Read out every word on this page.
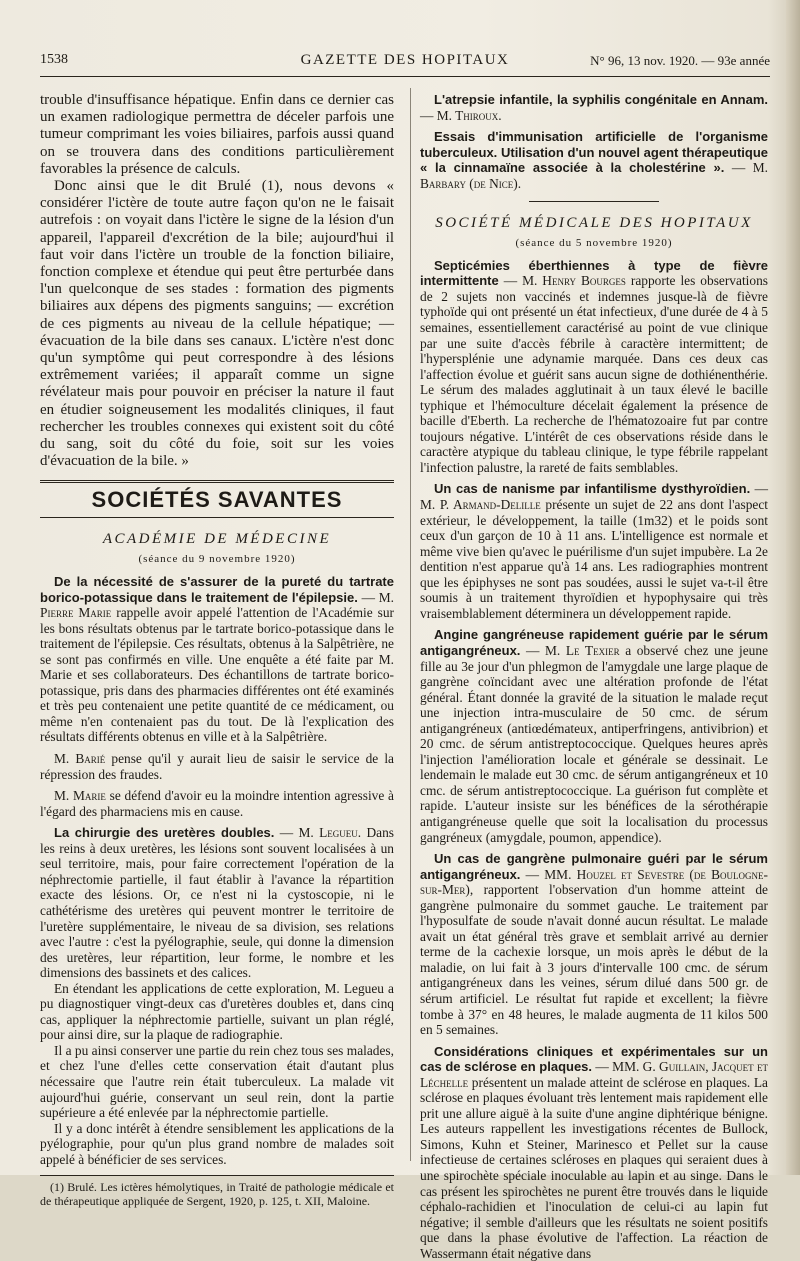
1538	GAZETTE DES HOPITAUX	N° 96, 13 nov. 1920. — 93e année

trouble d'insuffisance hépatique. Enfin dans ce dernier cas un examen radiologique permettra de déceler parfois une tumeur comprimant les voies biliaires, parfois aussi quand on se trouvera dans des conditions particulièrement favorables la présence de calculs.

Donc ainsi que le dit Brulé (1), nous devons « considérer l'ictère de toute autre façon qu'on ne le faisait autrefois : on voyait dans l'ictère le signe de la lésion d'un appareil, l'appareil d'excrétion de la bile; aujourd'hui il faut voir dans l'ictère un trouble de la fonction biliaire, fonction complexe et étendue qui peut être perturbée dans l'un quelconque de ses stades : formation des pigments biliaires aux dépens des pigments sanguins; — excrétion de ces pigments au niveau de la cellule hépatique; — évacuation de la bile dans ses canaux. L'ictère n'est donc qu'un symptôme qui peut correspondre à des lésions extrêmement variées; il apparaît comme un signe révélateur mais pour pouvoir en préciser la nature il faut en étudier soigneusement les modalités cliniques, il faut rechercher les troubles connexes qui existent soit du côté du sang, soit du côté du foie, soit sur les voies d'évacuation de la bile. »

SOCIÉTÉS SAVANTES
ACADÉMIE DE MÉDECINE
(séance du 9 novembre 1920)

De la nécessité de s'assurer de la pureté du tartrate borico-potassique dans le traitement de l'épilepsie. — M. Pierre Marie rappelle avoir appelé l'attention de l'Académie sur les bons résultats obtenus par le tartrate borico-potassique dans le traitement de l'épilepsie. Ces résultats, obtenus à la Salpêtrière, ne se sont pas confirmés en ville. Une enquête a été faite par M. Marie et ses collaborateurs. Des échantillons de tartrate borico-potassique, pris dans des pharmacies différentes ont été examinés et très peu contenaient une petite quantité de ce médicament, ou même n'en contenaient pas du tout. De là l'explication des résultats différents obtenus en ville et à la Salpêtrière.

M. Barié pense qu'il y aurait lieu de saisir le service de la répression des fraudes.

M. Marie se défend d'avoir eu la moindre intention agressive à l'égard des pharmaciens mis en cause.

La chirurgie des uretères doubles. — M. Legueu. Dans les reins à deux uretères, les lésions sont souvent localisées à un seul territoire, mais, pour faire correctement l'opération de la néphrectomie partielle, il faut établir à l'avance la répartition exacte des lésions. Or, ce n'est ni la cystoscopie, ni le cathétérisme des uretères qui peuvent montrer le territoire de l'uretère supplémentaire, le niveau de sa division, ses relations avec l'autre : c'est la pyélographie, seule, qui donne la dimension des uretères, leur répartition, leur forme, le nombre et les dimensions des bassinets et des calices.

En étendant les applications de cette exploration, M. Legueu a pu diagnostiquer vingt-deux cas d'uretères doubles et, dans cinq cas, appliquer la néphrectomie partielle, suivant un plan réglé, pour ainsi dire, sur la plaque de radiographie.

Il a pu ainsi conserver une partie du rein chez tous ses malades, et chez l'une d'elles cette conservation était d'autant plus nécessaire que l'autre rein était tuberculeux. La malade vit aujourd'hui guérie, conservant un seul rein, dont la partie supérieure a été enlevée par la néphrectomie partielle.

Il y a donc intérêt à étendre sensiblement les applications de la pyélographie, pour qu'un plus grand nombre de malades soit appelé à bénéficier de ses services.

(1) Brulé. Les ictères hémolytiques, in Traité de pathologie médicale et de thérapeutique appliquée de Sergent, 1920, p. 125, t. XII, Maloine.

L'atrepsie infantile, la syphilis congénitale en Annam. — M. Thiroux.

Essais d'immunisation artificielle de l'organisme tuberculeux. Utilisation d'un nouvel agent thérapeutique « la cinnamaïne associée à la cholestérine ». — M. Barbary (de Nice).

SOCIÉTÉ MÉDICALE DES HOPITAUX
(séance du 5 novembre 1920)

Septicémies éberthiennes à type de fièvre intermittente — M. Henry Bourges rapporte les observations de 2 sujets non vaccinés et indemnes jusque-là de fièvre typhoïde qui ont présenté un état infectieux, d'une durée de 4 à 5 semaines, essentiellement caractérisé au point de vue clinique par une suite d'accès fébrile à caractère intermittent; de l'hypersplénie une adynamie marquée. Dans ces deux cas l'affection évolue et guérit sans aucun signe de dothiénenthérie. Le sérum des malades agglutinait à un taux élevé le bacille typhique et l'hémoculture décelait également la présence de bacille d'Eberth. La recherche de l'hématozoaire fut par contre toujours négative. L'intérêt de ces observations réside dans le caractère atypique du tableau clinique, le type fébrile rappelant l'infection palustre, la rareté de faits semblables.

Un cas de nanisme par infantilisme dysthyroïdien. — M. P. Armand-Delille présente un sujet de 22 ans dont l'aspect extérieur, le développement, la taille (1m32) et le poids sont ceux d'un garçon de 10 à 11 ans. L'intelligence est normale et même vive bien qu'avec le puérilisme d'un sujet impubère. La 2e dentition n'est apparue qu'à 14 ans. Les radiographies montrent que les épiphyses ne sont pas soudées, aussi le sujet va-t-il être soumis à un traitement thyroïdien et hypophysaire qui très vraisemblablement déterminera un développement rapide.

Angine gangréneuse rapidement guérie par le sérum antigangréneux. — M. Le Texier a observé chez une jeune fille au 3e jour d'un phlegmon de l'amygdale une large plaque de gangrène coïncidant avec une altération profonde de l'état général. Étant donnée la gravité de la situation le malade reçut une injection intra-musculaire de 50 cmc. de sérum antigangréneux (antiœdémateux, antiperfringens, antivibrion) et 20 cmc. de sérum antistreptococcique. Quelques heures après l'injection l'amélioration locale et générale se dessinait. Le lendemain le malade eut 30 cmc. de sérum antigangréneux et 10 cmc. de sérum antistreptococcique. La guérison fut complète et rapide. L'auteur insiste sur les bénéfices de la sérothérapie antigangréneuse quelle que soit la localisation du processus gangréneux (amygdale, poumon, appendice).

Un cas de gangrène pulmonaire guéri par le sérum antigangréneux. — MM. Houzel et Sevestre (de Boulogne-sur-Mer), rapportent l'observation d'un homme atteint de gangrène pulmonaire du sommet gauche. Le traitement par l'hyposulfate de soude n'avait donné aucun résultat. Le malade avait un état général très grave et semblait arrivé au dernier terme de la cachexie lorsque, un mois après le début de la maladie, on lui fait à 3 jours d'intervalle 100 cmc. de sérum antigangréneux dans les veines, sérum dilué dans 500 gr. de sérum artificiel. Le résultat fut rapide et excellent; la fièvre tombe à 37° en 48 heures, le malade augmenta de 11 kilos 500 en 5 semaines.

Considérations cliniques et expérimentales sur un cas de sclérose en plaques. — MM. G. Guillain, Jacquet et Léchelle présentent un malade atteint de sclérose en plaques. La sclérose en plaques évoluant très lentement mais rapidement elle prit une allure aiguë à la suite d'une angine diphtérique bénigne. Les auteurs rappellent les investigations récentes de Bullock, Simons, Kuhn et Steiner, Marinesco et Pellet sur la cause infectieuse de certaines scléroses en plaques qui seraient dues à une spirochète spéciale inoculable au lapin et au singe. Dans le cas présent les spirochètes ne purent être trouvés dans le liquide céphalo-rachidien et l'inoculation de celui-ci au lapin fut négative; il semble d'ailleurs que les résultats ne soient positifs que dans la phase évolutive de l'affection. La réaction de Wassermann était négative dans
